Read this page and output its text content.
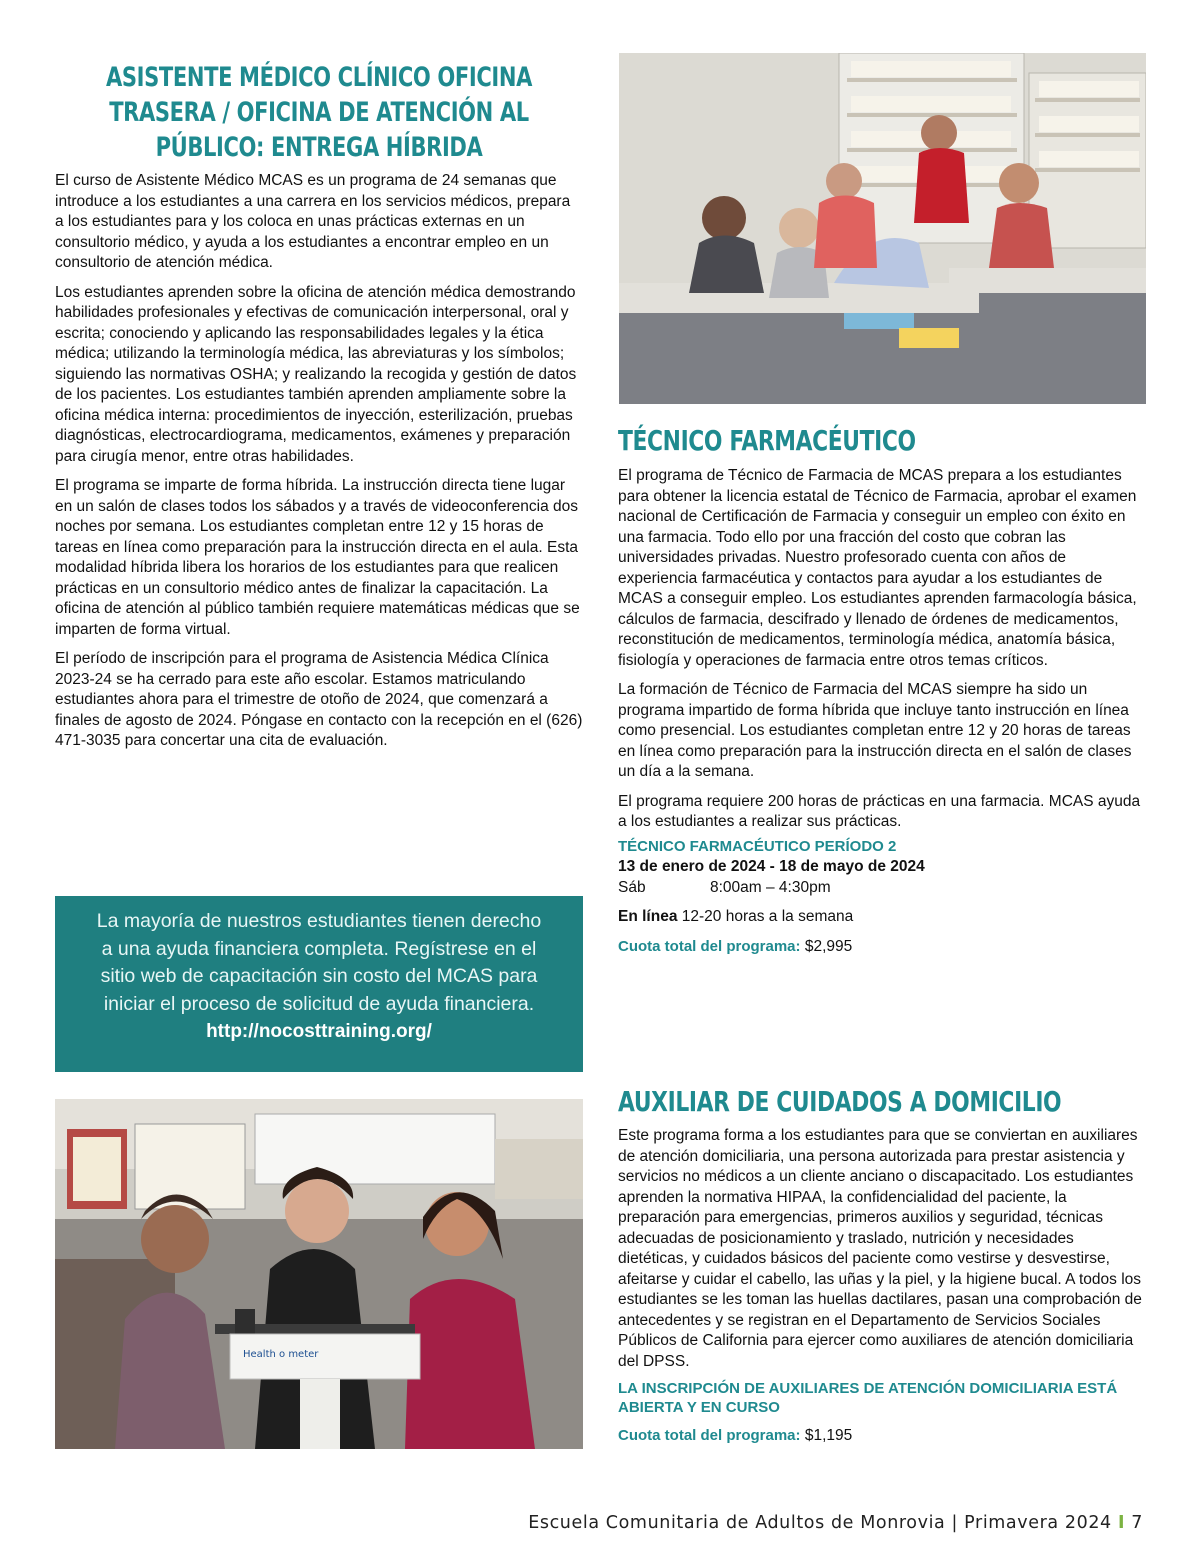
ASISTENTE MÉDICO CLÍNICO OFICINA TRASERA / OFICINA DE ATENCIÓN AL PÚBLICO: ENTREGA HÍBRIDA

El curso de Asistente Médico MCAS es un programa de 24 semanas que introduce a los estudiantes a una carrera en los servicios médicos, prepara a los estudiantes para y los coloca en unas prácticas externas en un consultorio médico, y ayuda a los estudiantes a encontrar empleo en un consultorio de atención médica.

Los estudiantes aprenden sobre la oficina de atención médica demostrando habilidades profesionales y efectivas de comunicación interpersonal, oral y escrita; conociendo y aplicando las responsabilidades legales y la ética médica; utilizando la terminología médica, las abreviaturas y los símbolos; siguiendo las normativas OSHA; y realizando la recogida y gestión de datos de los pacientes. Los estudiantes también aprenden ampliamente sobre la oficina médica interna: procedimientos de inyección, esterilización, pruebas diagnósticas, electrocardiograma, medicamentos, exámenes y preparación para cirugía menor, entre otras habilidades.

El programa se imparte de forma híbrida. La instrucción directa tiene lugar en un salón de clases todos los sábados y a través de videoconferencia dos noches por semana. Los estudiantes completan entre 12 y 15 horas de tareas en línea como preparación para la instrucción directa en el aula. Esta modalidad híbrida libera los horarios de los estudiantes para que realicen prácticas en un consultorio médico antes de finalizar la capacitación. La oficina de atención al público también requiere matemáticas médicas que se imparten de forma virtual.

El período de inscripción para el programa de Asistencia Médica Clínica 2023-24 se ha cerrado para este año escolar. Estamos matriculando estudiantes ahora para el trimestre de otoño de 2024, que comenzará a finales de agosto de 2024. Póngase en contacto con la recepción en el (626) 471-3035 para concertar una cita de evaluación.

La mayoría de nuestros estudiantes tienen derecho a una ayuda financiera completa. Regístrese en el sitio web de capacitación sin costo del MCAS para iniciar el proceso de solicitud de ayuda financiera.
http://nocosttraining.org/
Health o meter
TÉCNICO FARMACÉUTICO

El programa de Técnico de Farmacia de MCAS prepara a los estudiantes para obtener la licencia estatal de Técnico de Farmacia, aprobar el examen nacional de Certificación de Farmacia y conseguir un empleo con éxito en una farmacia. Todo ello por una fracción del costo que cobran las universidades privadas. Nuestro profesorado cuenta con años de experiencia farmacéutica y contactos para ayudar a los estudiantes de MCAS a conseguir empleo. Los estudiantes aprenden farmacología básica, cálculos de farmacia, descifrado y llenado de órdenes de medicamentos, reconstitución de medicamentos, terminología médica, anatomía básica, fisiología y operaciones de farmacia entre otros temas críticos.

La formación de Técnico de Farmacia del MCAS siempre ha sido un programa impartido de forma híbrida que incluye tanto instrucción en línea como presencial. Los estudiantes completan entre 12 y 20 horas de tareas en línea como preparación para la instrucción directa en el salón de clases un día a la semana.

El programa requiere 200 horas de prácticas en una farmacia. MCAS ayuda a los estudiantes a realizar sus prácticas.

TÉCNICO FARMACÉUTICO PERÍODO 2
13 de enero de 2024 - 18 de mayo de 2024
Sáb	8:00am – 4:30pm
En línea 12-20 horas a la semana
Cuota total del programa: $2,995
AUXILIAR DE CUIDADOS A DOMICILIO

Este programa forma a los estudiantes para que se conviertan en auxiliares de atención domiciliaria, una persona autorizada para prestar asistencia y servicios no médicos a un cliente anciano o discapacitado. Los estudiantes aprenden la normativa HIPAA, la confidencialidad del paciente, la preparación para emergencias, primeros auxilios y seguridad, técnicas adecuadas de posicionamiento y traslado, nutrición y necesidades dietéticas, y cuidados básicos del paciente como vestirse y desvestirse, afeitarse y cuidar el cabello, las uñas y la piel, y la higiene bucal. A todos los estudiantes se les toman las huellas dactilares, pasan una comprobación de antecedentes y se registran en el Departamento de Servicios Sociales Públicos de California para ejercer como auxiliares de atención domiciliaria del DPSS.

LA INSCRIPCIÓN DE AUXILIARES DE ATENCIÓN DOMICILIARIA ESTÁ ABIERTA Y EN CURSO
Cuota total del programa: $1,195
Escuela Comunitaria de Adultos de Monrovia | Primavera 2024 I 7
